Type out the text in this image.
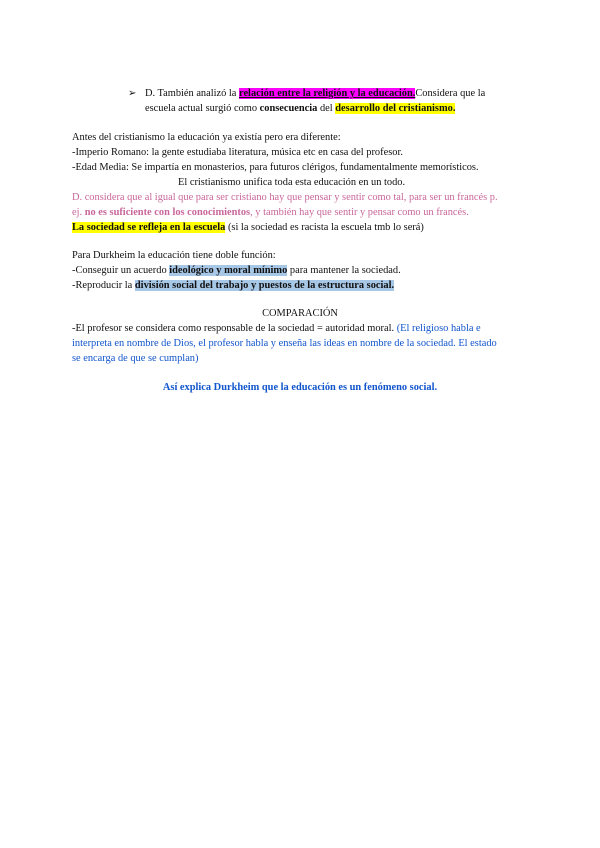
➢ D. También analizó la relación entre la religión y la educación.Considera que la
escuela actual surgió como consecuencia del desarrollo del cristianismo.
Antes del cristianismo la educación ya existía pero era diferente:
-Imperio Romano: la gente estudiaba literatura, música etc en casa del profesor.
-Edad Media: Se impartía en monasterios, para futuros clérigos, fundamentalmente memorísticos.
El cristianismo unifica toda esta educación en un todo.
D. considera que al igual que para ser cristiano hay que pensar y sentir como tal, para ser un francés p.
ej. no es suficiente con los conocimientos, y también hay que sentir y pensar como un francés.
La sociedad se refleja en la escuela (si la sociedad es racista la escuela tmb lo será)
Para Durkheim la educación tiene doble función:
-Conseguir un acuerdo ideológico y moral mínimo para mantener la sociedad.
-Reproducir la división social del trabajo y puestos de la estructura social.
COMPARACIÓN
-El profesor se considera como responsable de la sociedad = autoridad moral. (El religioso habla e
interpreta en nombre de Dios, el profesor habla y enseña las ideas en nombre de la sociedad. El estado
se encarga de que se cumplan)
Así explica Durkheim que la educación es un fenómeno social.
